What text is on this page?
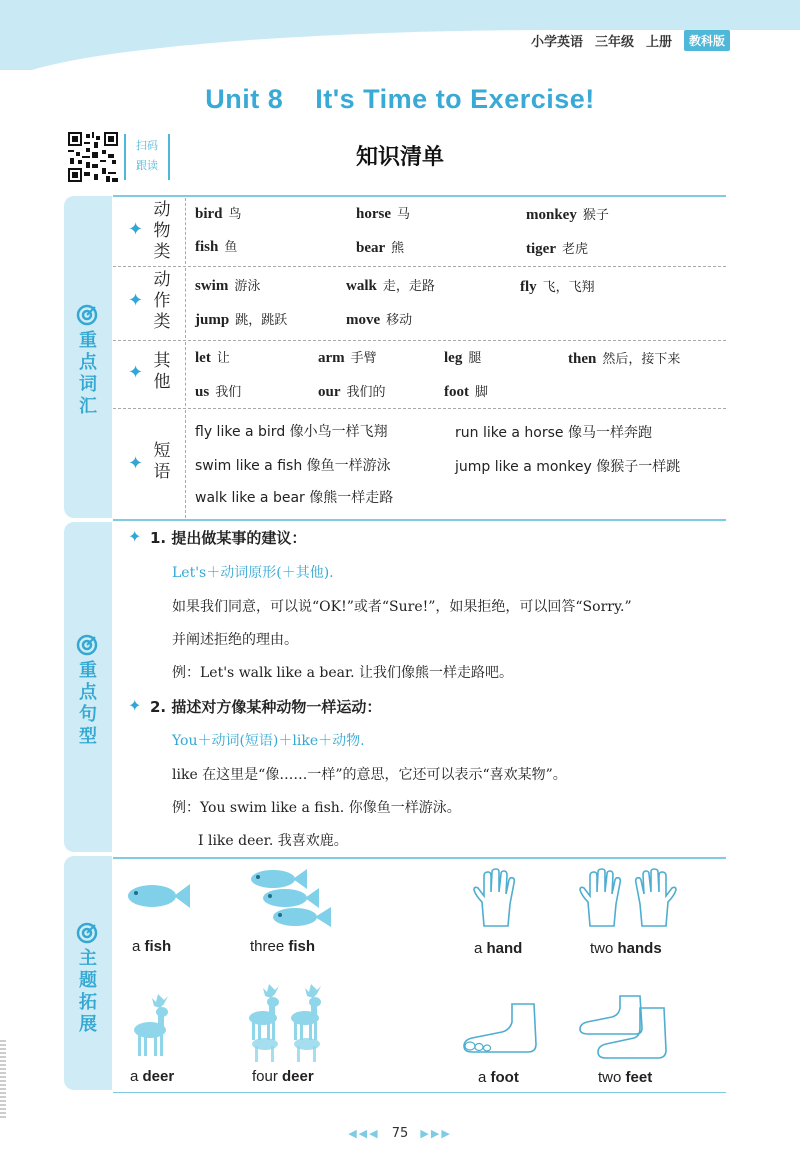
小学英语 三年级 上册	教科版
Unit 8    It's Time to Exercise!
扫码
跟读	知识清单
重
点
词
汇
重
点
句
型
主
题
拓
展
✦
动
物
类
bird 鸟	horse 马	monkey 猴子
fish 鱼	bear 熊	tiger 老虎
✦
动
作
类
swim 游泳	walk 走，走路	fly 飞，飞翔
jump 跳，跳跃	move 移动
✦
其
他
let 让	arm 手臂	leg 腿	then 然后，接下来
us 我们	our 我们的	foot 脚
✦
短
语
fly like a bird 像小鸟一样飞翔	run like a horse 像马一样奔跑
swim like a fish 像鱼一样游泳	jump like a monkey 像猴子一样跳
walk like a bear 像熊一样走路
✦ 1. 提出做某事的建议：
Let's＋动词原形(＋其他).
如果我们同意，可以说“OK!”或者“Sure!”，如果拒绝，可以回答“Sorry.”
并阐述拒绝的理由。
例：Let's walk like a bear. 让我们像熊一样走路吧。
✦ 2. 描述对方像某种动物一样运动：
You＋动词(短语)＋like＋动物.
like 在这里是“像……一样”的意思，它还可以表示“喜欢某物”。
例：You swim like a fish. 你像鱼一样游泳。
I like deer. 我喜欢鹿。
a fish	three fish	a hand	two hands
a deer	four deer	a foot	two feet
◀◀◀ 75 ▶▶▶
